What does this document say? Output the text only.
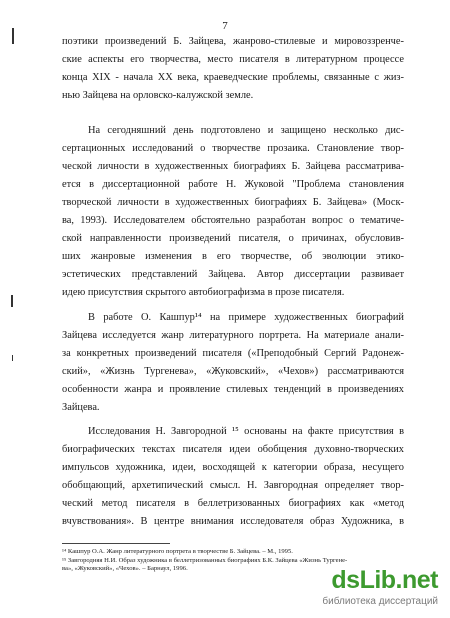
7
поэтики произведений Б. Зайцева, жанрово-стилевые и мировоззренче-
ские аспекты его творчества, место писателя в литературном процессе
конца XIX - начала XX века, краеведческие проблемы, связанные с жиз-
нью Зайцева на орловско-калужской земле.
На сегодняшний день подготовлено и защищено несколько дис-
сертационных исследований о творчестве прозаика. Становление твор-
ческой личности в художественных биографиях Б. Зайцева рассматрива-
ется в диссертационной работе Н. Жуковой "Проблема становления
творческой личности в художественных биографиях Б. Зайцева» (Моск-
ва, 1993). Исследователем обстоятельно разработан вопрос о тематиче-
ской направленности произведений писателя, о причинах, обусловив-
ших жанровые изменения в его творчестве, об эволюции этико-
эстетических представлений Зайцева. Автор диссертации развивает
идею присутствия скрытого автобиографизма в прозе писателя.
В работе О. Кашпур¹⁴ на примере художественных биографий
Зайцева исследуется жанр литературного портрета. На материале анали-
за конкретных произведений писателя («Преподобный Сергий Радонеж-
ский», «Жизнь Тургенева», «Жуковский», «Чехов») рассматриваются
особенности жанра и проявление стилевых тенденций в произведениях
Зайцева.
Исследования Н. Завгородной ¹⁵ основаны на факте присутствия в
биографических текстах писателя идеи обобщения духовно-творческих
импульсов художника, идеи, восходящей к категории образа, несущего
обобщающий, архетипический смысл. Н. Завгородная определяет твор-
ческий метод писателя в беллетризованных биографиях как «метод
вчувствования». В центре внимания исследователя образ Художника, в
¹⁴ Кашпур О.А. Жанр литературного портрета в творчестве Б. Зайцева. – М., 1995.
¹⁵ Завгородняя Н.И. Образ художника в беллетризованных биографиях Б.К. Зайцева «Жизнь Тургене-
ва», «Жуковский», «Чехов». – Барнаул, 1996.	dsLib.net
библиотека диссертаций
